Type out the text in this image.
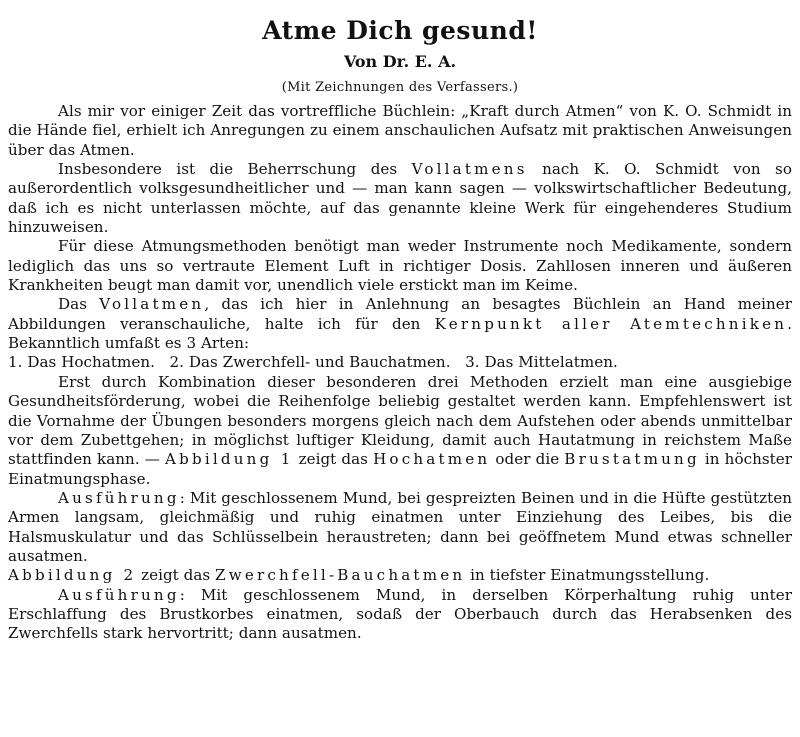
Atme Dich gesund!
Von Dr. E. A.
(Mit Zeichnungen des Verfassers.)

Als mir vor einiger Zeit das vortreffliche Büchlein: „Kraft durch Atmen“ von K. O. Schmidt in die Hände fiel, erhielt ich Anregungen zu einem anschaulichen Aufsatz mit praktischen Anweisungen über das Atmen.

Insbesondere ist die Beherrschung des Vollatmens nach K. O. Schmidt von so außerordentlich volksgesundheitlicher und — man kann sagen — volkswirtschaftlicher Bedeutung, daß ich es nicht unterlassen möchte, auf das genannte kleine Werk für eingehenderes Studium hinzuweisen.

Für diese Atmungsmethoden benötigt man weder Instrumente noch Medikamente, sondern lediglich das uns so vertraute Element Luft in richtiger Dosis. Zahllosen inneren und äußeren Krankheiten beugt man damit vor, unendlich viele erstickt man im Keime.

Das Vollatmen, das ich hier in Anlehnung an besagtes Büchlein an Hand meiner Abbildungen veranschauliche, halte ich für den Kernpunkt aller Atemtechniken. Bekanntlich umfaßt es 3 Arten:

1. Das Hochatmen.   2. Das Zwerchfell- und Bauchatmen.   3. Das Mittelatmen.

Erst durch Kombination dieser besonderen drei Methoden erzielt man eine ausgiebige Gesundheitsförderung, wobei die Reihenfolge beliebig gestaltet werden kann. Empfehlenswert ist die Vornahme der Übungen besonders morgens gleich nach dem Aufstehen oder abends unmittelbar vor dem Zubettgehen; in möglichst luftiger Kleidung, damit auch Hautatmung in reichstem Maße stattfinden kann. — Abbildung 1 zeigt das Hochatmen oder die Brustatmung in höchster Einatmungsphase.

Ausführung: Mit geschlossenem Mund, bei gespreizten Beinen und in die Hüfte gestützten Armen langsam, gleichmäßig und ruhig einatmen unter Einziehung des Leibes, bis die Halsmuskulatur und das Schlüsselbein heraustreten; dann bei geöffnetem Mund etwas schneller ausatmen.

Abbildung 2 zeigt das Zwerchfell-Bauchatmen in tiefster Einatmungsstellung.

Ausführung: Mit geschlossenem Mund, in derselben Körperhaltung ruhig unter Erschlaffung des Brustkorbes einatmen, sodaß der Oberbauch durch das Herabsenken des Zwerchfells stark hervortritt; dann ausatmen.
